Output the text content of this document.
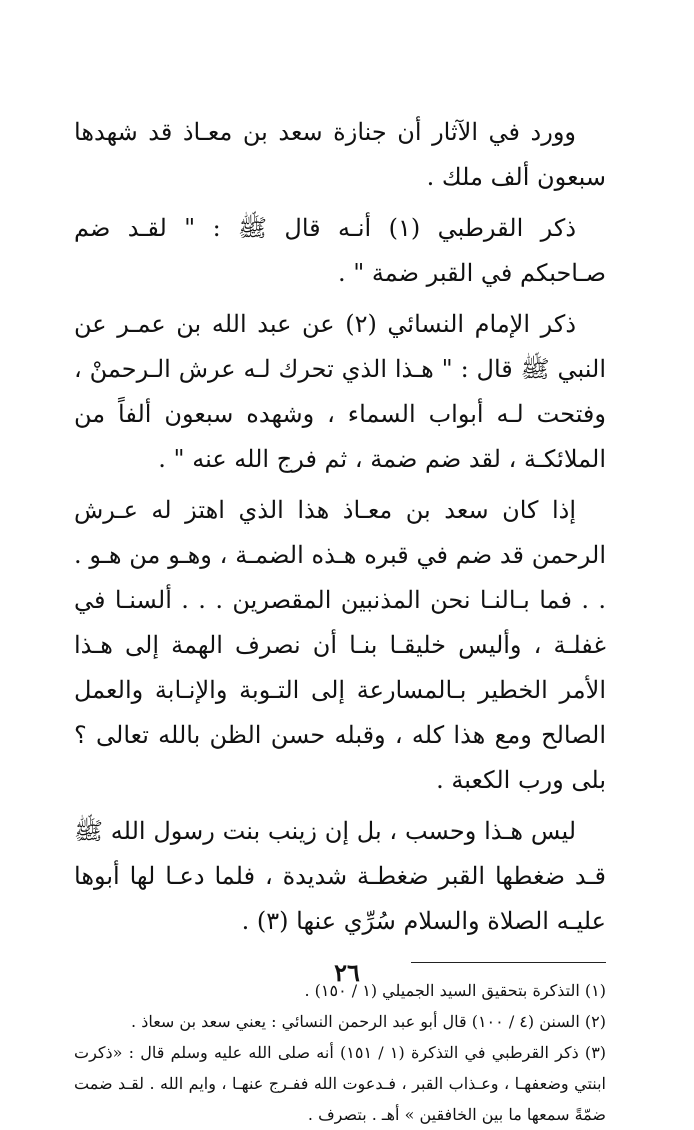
وورد في الآثار أن جنازة سعد بن معـاذ قد شهدها سبعون ألف ملك .

ذكر القرطبي (١) أنـه قال ﷺ : " لقـد ضم صـاحبكم في القبر ضمة " .

ذكر الإمام النسائي (٢) عن عبد الله بن عمـر عن النبي ﷺ قال : " هـذا الذي تحرك لـه عرش الـرحمنْ ، وفتحت لـه أبواب السماء ، وشهده سبعون ألفاً من الملائكـة ، لقد ضم ضمة ، ثم فرج الله عنه " .

إذا كان سعد بن معـاذ هذا الذي اهتز له عـرش الرحمن قد ضم في قبره هـذه الضمـة ، وهـو من هـو . . . فما بـالنـا نحن المذنبين المقصرين . . . ألسنـا في غفلـة ، وأليس خليقـا بنـا أن نصرف الهمة إلى هـذا الأمر الخطير بـالمسارعة إلى التـوبة والإنـابة والعمل الصالح ومع هذا كله ، وقبله حسن الظن بالله تعالى ؟ بلى ورب الكعبة .

ليس هـذا وحسب ، بل إن زينب بنت رسول الله ﷺ قـد ضغطها القبر ضغطـة شديدة ، فلما دعـا لها أبوها عليـه الصلاة والسلام سُرِّي عنها (٣) .

(١) التذكرة بتحقيق السيد الجميلي (١ / ١٥٠) .

(٢) السنن (٤ / ١٠٠) قال أبو عبد الرحمن النسائي : يعني سعد بن سعاذ .

(٣) ذكر القرطبي في التذكرة (١ / ١٥١) أنه صلى الله عليه وسلم قال : «ذكرت ابنتي وضعفهـا ، وعـذاب القبر ، فـدعوت الله ففـرج عنهـا ، وايم الله . لقـد ضمت ضمّةً سمعها ما بين الخافقين » أهـ . بتصرف .

٢٦
